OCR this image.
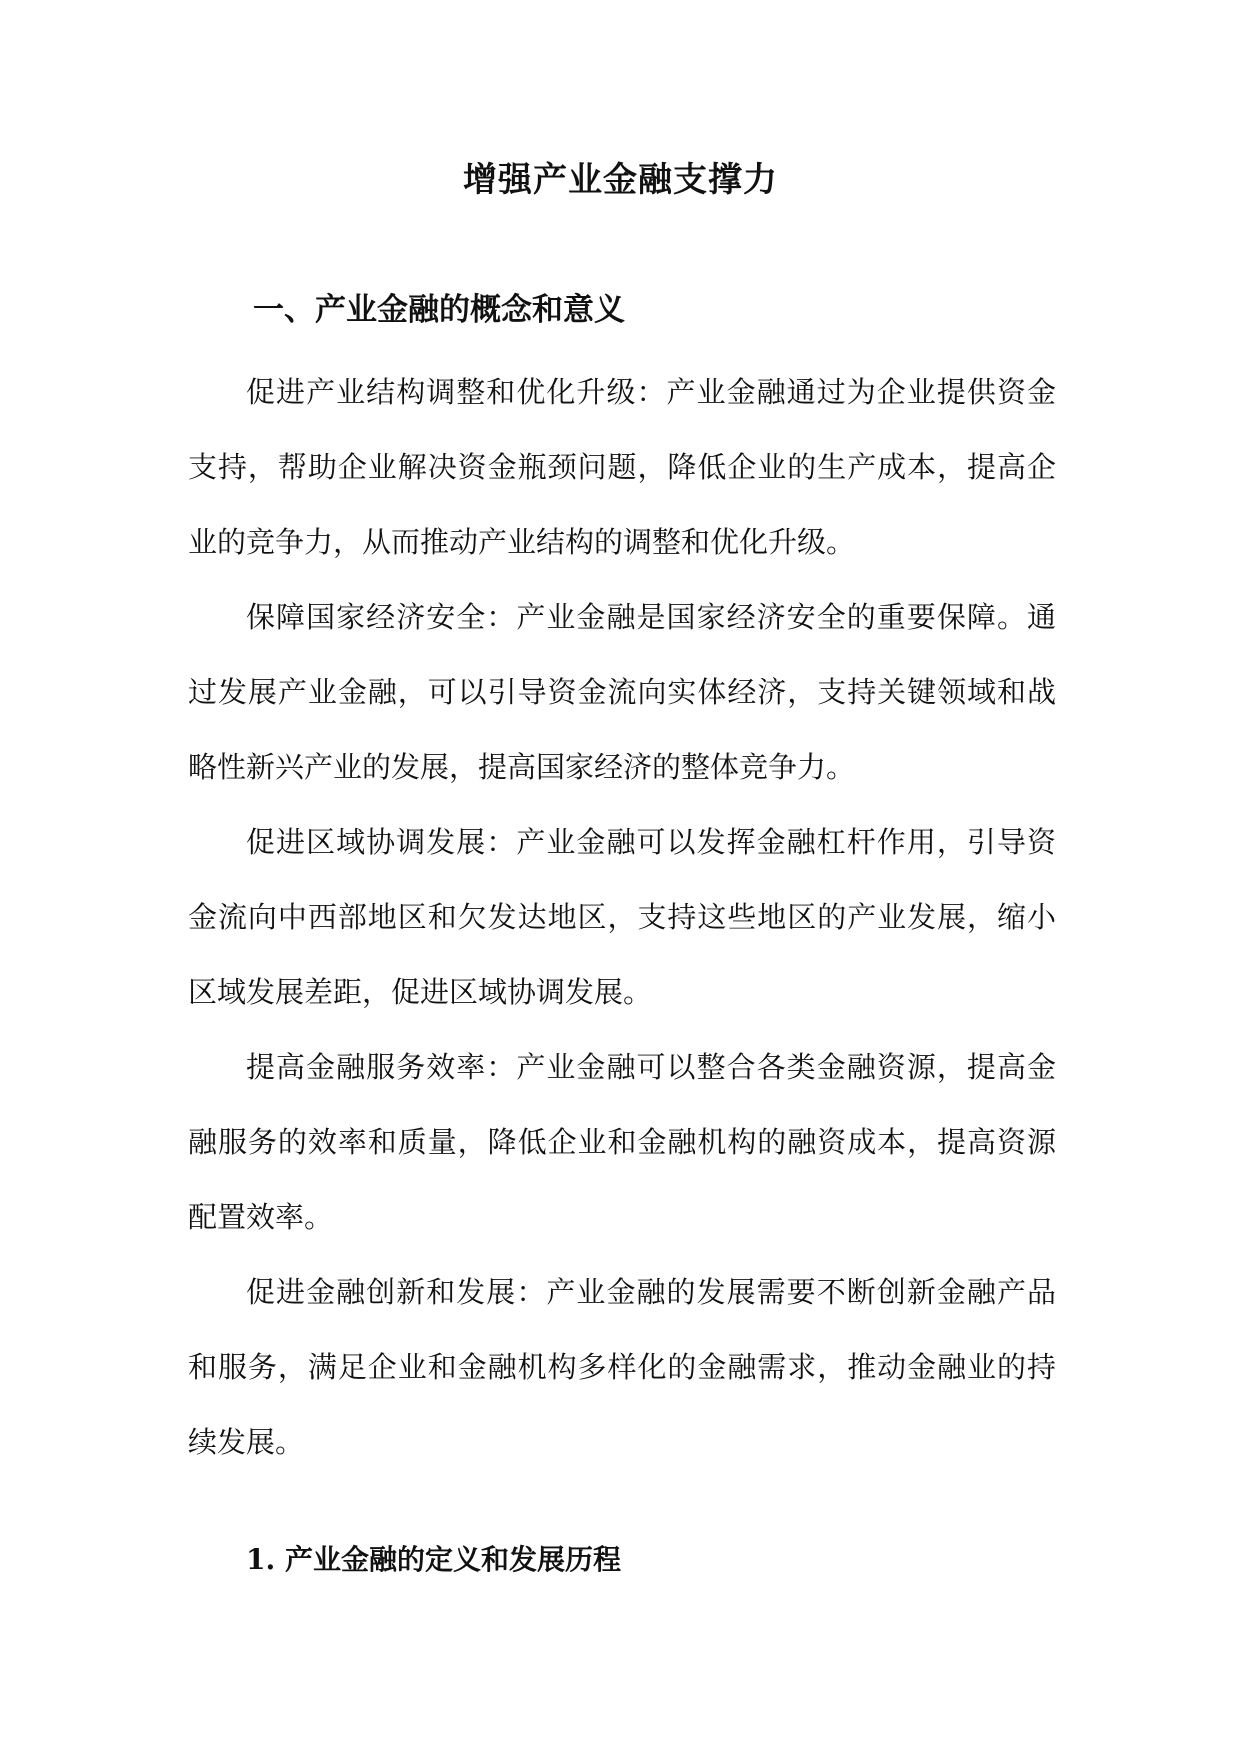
增强产业金融支撑力
一、产业金融的概念和意义

促进产业结构调整和优化升级：产业金融通过为企业提供资金支持，帮助企业解决资金瓶颈问题，降低企业的生产成本，提高企业的竞争力，从而推动产业结构的调整和优化升级。

保障国家经济安全：产业金融是国家经济安全的重要保障。通过发展产业金融，可以引导资金流向实体经济，支持关键领域和战略性新兴产业的发展，提高国家经济的整体竞争力。

促进区域协调发展：产业金融可以发挥金融杠杆作用，引导资金流向中西部地区和欠发达地区，支持这些地区的产业发展，缩小区域发展差距，促进区域协调发展。

提高金融服务效率：产业金融可以整合各类金融资源，提高金融服务的效率和质量，降低企业和金融机构的融资成本，提高资源配置效率。

促进金融创新和发展：产业金融的发展需要不断创新金融产品和服务，满足企业和金融机构多样化的金融需求，推动金融业的持续发展。

1. 产业金融的定义和发展历程
